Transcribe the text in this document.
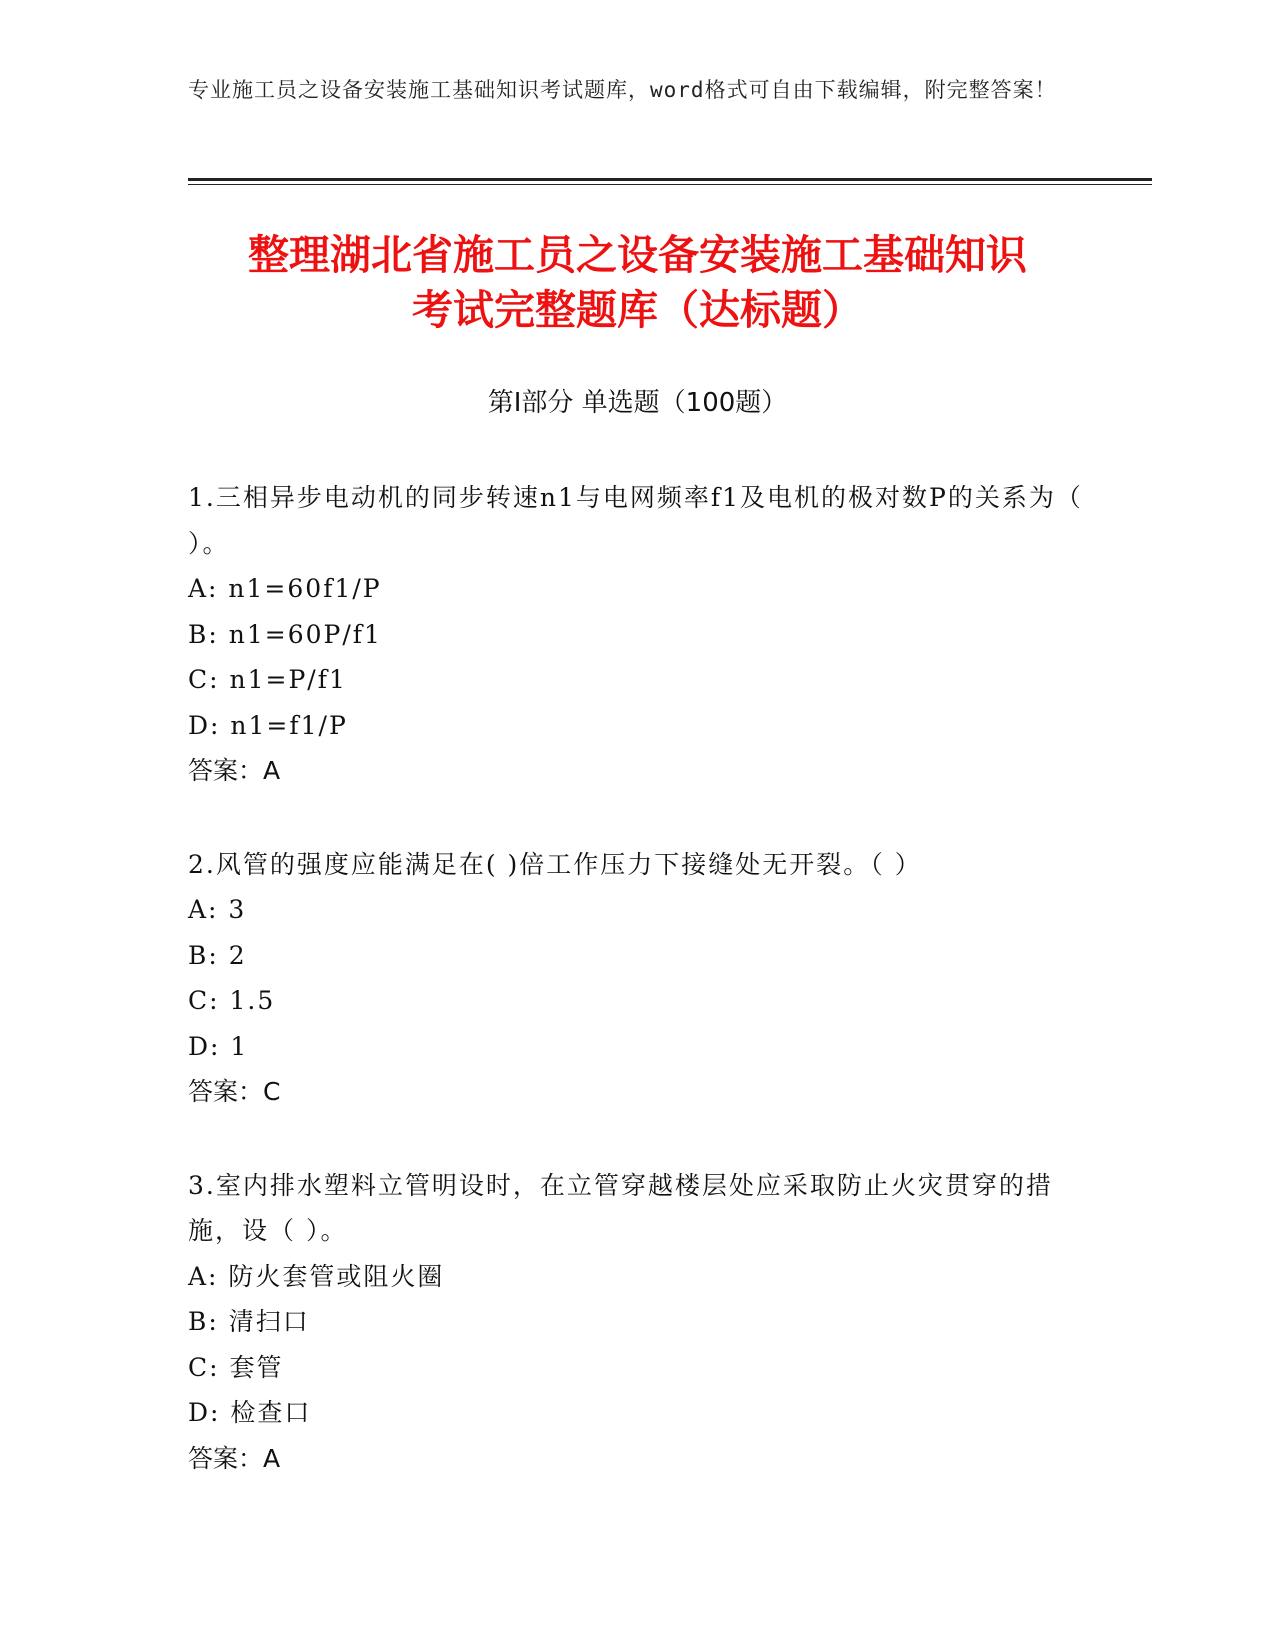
专业施工员之设备安装施工基础知识考试题库，word格式可自由下载编辑，附完整答案！
整理湖北省施工员之设备安装施工基础知识
考试完整题库（达标题）
第Ⅰ部分 单选题（100题）

1.三相异步电动机的同步转速n1与电网频率f1及电机的极对数P的关系为（ ）。

A: n1=60f1/P

B: n1=60P/f1

C: n1=P/f1

D: n1=f1/P

答案：A

2.风管的强度应能满足在( )倍工作压力下接缝处无开裂。（ ）

A: 3

B: 2

C: 1.5

D: 1

答案：C

3.室内排水塑料立管明设时，在立管穿越楼层处应采取防止火灾贯穿的措施，设（ ）。

A: 防火套管或阻火圈

B: 清扫口

C: 套管

D: 检查口

答案：A
